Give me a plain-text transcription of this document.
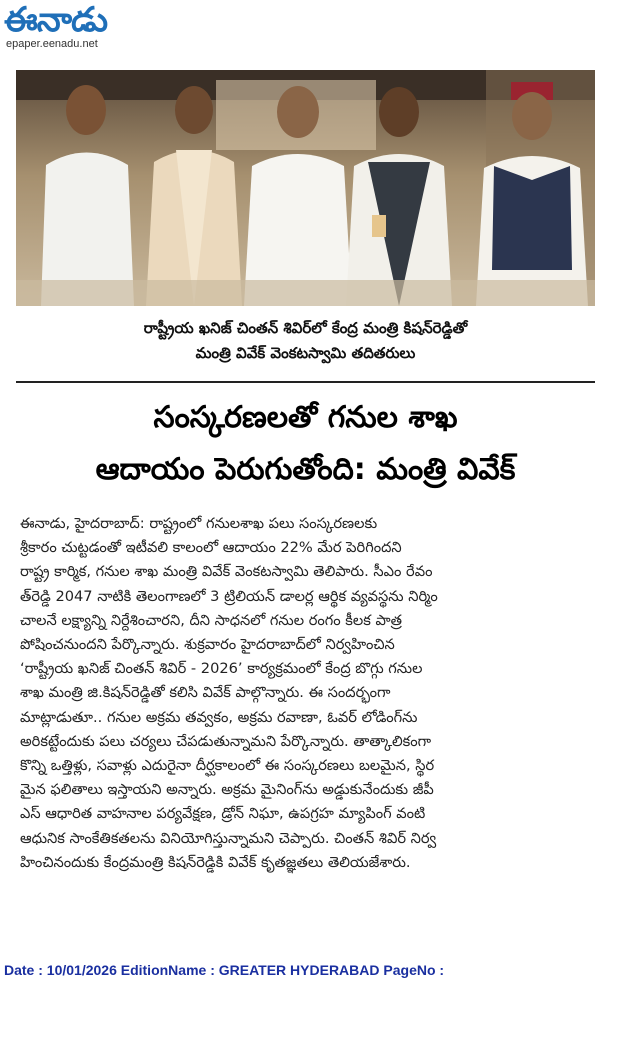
ఈనాడు
epaper.eenadu.net
రాష్ట్రీయ ఖనిజ్ చింతన్ శివిర్‌లో కేంద్ర మంత్రి కిషన్‌రెడ్డితో
మంత్రి వివేక్ వెంకటస్వామి తదితరులు
సంస్కరణలతో గనుల శాఖ
ఆదాయం పెరుగుతోంది: మంత్రి వివేక్
ఈనాడు, హైదరాబాద్: రాష్ట్రంలో గనులశాఖ పలు సంస్కరణలకు
శ్రీకారం చుట్టడంతో ఇటీవలి కాలంలో ఆదాయం 22% మేర పెరిగిందని
రాష్ట్ర కార్మిక, గనుల శాఖ మంత్రి వివేక్ వెంకటస్వామి తెలిపారు. సీఎం రేవం
త్‌రెడ్డి 2047 నాటికి తెలంగాణలో 3 ట్రిలియన్ డాలర్ల ఆర్థిక వ్యవస్థను నిర్మిం
చాలనే లక్ష్యాన్ని నిర్దేశించారని, దీని సాధనలో గనుల రంగం కీలక పాత్ర
పోషించనుందని పేర్కొన్నారు. శుక్రవారం హైదరాబాద్‌లో నిర్వహించిన
‘రాష్ట్రీయ ఖనిజ్ చింతన్ శివిర్ - 2026’ కార్యక్రమంలో కేంద్ర బొగ్గు గనుల
శాఖ మంత్రి జి.కిషన్‌రెడ్డితో కలిసి వివేక్ పాల్గొన్నారు. ఈ సందర్భంగా
మాట్లాడుతూ.. గనుల అక్రమ తవ్వకం, అక్రమ రవాణా, ఓవర్ లోడింగ్‌ను
అరికట్టేందుకు పలు చర్యలు చేపడుతున్నామని పేర్కొన్నారు. తాత్కాలికంగా
కొన్ని ఒత్తిళ్లు, సవాళ్లు ఎదురైనా దీర్ఘకాలంలో ఈ సంస్కరణలు బలమైన, స్థిర
మైన ఫలితాలు ఇస్తాయని అన్నారు. అక్రమ మైనింగ్‌ను అడ్డుకునేందుకు జీపీ
ఎస్ ఆధారిత వాహనాల పర్యవేక్షణ, డ్రోన్ నిఘా, ఉపగ్రహ మ్యాపింగ్ వంటి
ఆధునిక సాంకేతికతలను వినియోగిస్తున్నామని చెప్పారు. చింతన్ శివిర్ నిర్వ
హించినందుకు కేంద్రమంత్రి కిషన్‌రెడ్డికి వివేక్ కృతజ్ఞతలు తెలియజేశారు.
Date : 10/01/2026 EditionName : GREATER HYDERABAD PageNo :
